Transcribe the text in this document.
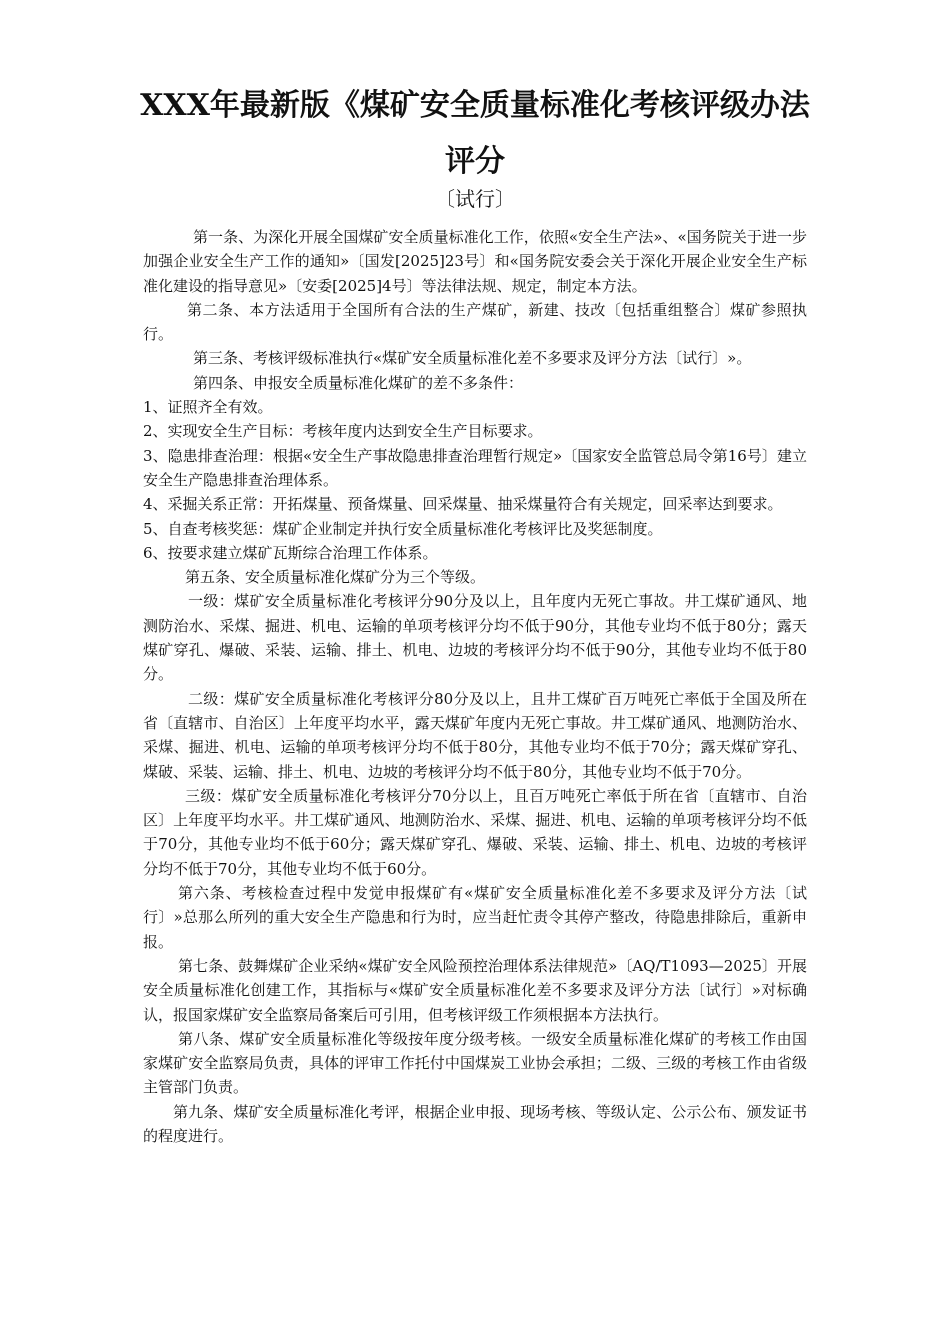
XXX年最新版《煤矿安全质量标准化考核评级办法
评分
〔试行〕

第一条、为深化开展全国煤矿安全质量标准化工作，依照«安全生产法»、«国务院关于进一步加强企业安全生产工作的通知»〔国发[2025]23号〕和«国务院安委会关于深化开展企业安全生产标准化建设的指导意见»〔安委[2025]4号〕等法律法规、规定，制定本方法。

第二条、本方法适用于全国所有合法的生产煤矿，新建、技改〔包括重组整合〕煤矿参照执行。

第三条、考核评级标准执行«煤矿安全质量标准化差不多要求及评分方法〔试行〕»。

第四条、申报安全质量标准化煤矿的差不多条件：

1、证照齐全有效。

2、实现安全生产目标：考核年度内达到安全生产目标要求。

3、隐患排查治理：根据«安全生产事故隐患排查治理暂行规定»〔国家安全监管总局令第16号〕建立安全生产隐患排查治理体系。

4、采掘关系正常：开拓煤量、预备煤量、回采煤量、抽采煤量符合有关规定，回采率达到要求。

5、自查考核奖惩：煤矿企业制定并执行安全质量标准化考核评比及奖惩制度。

6、按要求建立煤矿瓦斯综合治理工作体系。

第五条、安全质量标准化煤矿分为三个等级。

一级：煤矿安全质量标准化考核评分90分及以上，且年度内无死亡事故。井工煤矿通风、地测防治水、采煤、掘进、机电、运输的单项考核评分均不低于90分，其他专业均不低于80分；露天煤矿穿孔、爆破、采装、运输、排土、机电、边坡的考核评分均不低于90分，其他专业均不低于80分。

二级：煤矿安全质量标准化考核评分80分及以上，且井工煤矿百万吨死亡率低于全国及所在省〔直辖市、自治区〕上年度平均水平，露天煤矿年度内无死亡事故。井工煤矿通风、地测防治水、采煤、掘进、机电、运输的单项考核评分均不低于80分，其他专业均不低于70分；露天煤矿穿孔、煤破、采装、运输、排土、机电、边坡的考核评分均不低于80分，其他专业均不低于70分。

三级：煤矿安全质量标准化考核评分70分以上，且百万吨死亡率低于所在省〔直辖市、自治区〕上年度平均水平。井工煤矿通风、地测防治水、采煤、掘进、机电、运输的单项考核评分均不低于70分，其他专业均不低于60分；露天煤矿穿孔、爆破、采装、运输、排土、机电、边坡的考核评分均不低于70分，其他专业均不低于60分。

第六条、考核检查过程中发觉申报煤矿有«煤矿安全质量标准化差不多要求及评分方法〔试行〕»总那么所列的重大安全生产隐患和行为时，应当赶忙责令其停产整改，待隐患排除后，重新申报。

第七条、鼓舞煤矿企业采纳«煤矿安全风险预控治理体系法律规范»〔AQ/T1093—2025〕开展安全质量标准化创建工作，其指标与«煤矿安全质量标准化差不多要求及评分方法〔试行〕»对标确认，报国家煤矿安全监察局备案后可引用，但考核评级工作须根据本方法执行。

第八条、煤矿安全质量标准化等级按年度分级考核。一级安全质量标准化煤矿的考核工作由国家煤矿安全监察局负责，具体的评审工作托付中国煤炭工业协会承担；二级、三级的考核工作由省级主管部门负责。

第九条、煤矿安全质量标准化考评，根据企业申报、现场考核、等级认定、公示公布、颁发证书的程度进行。
